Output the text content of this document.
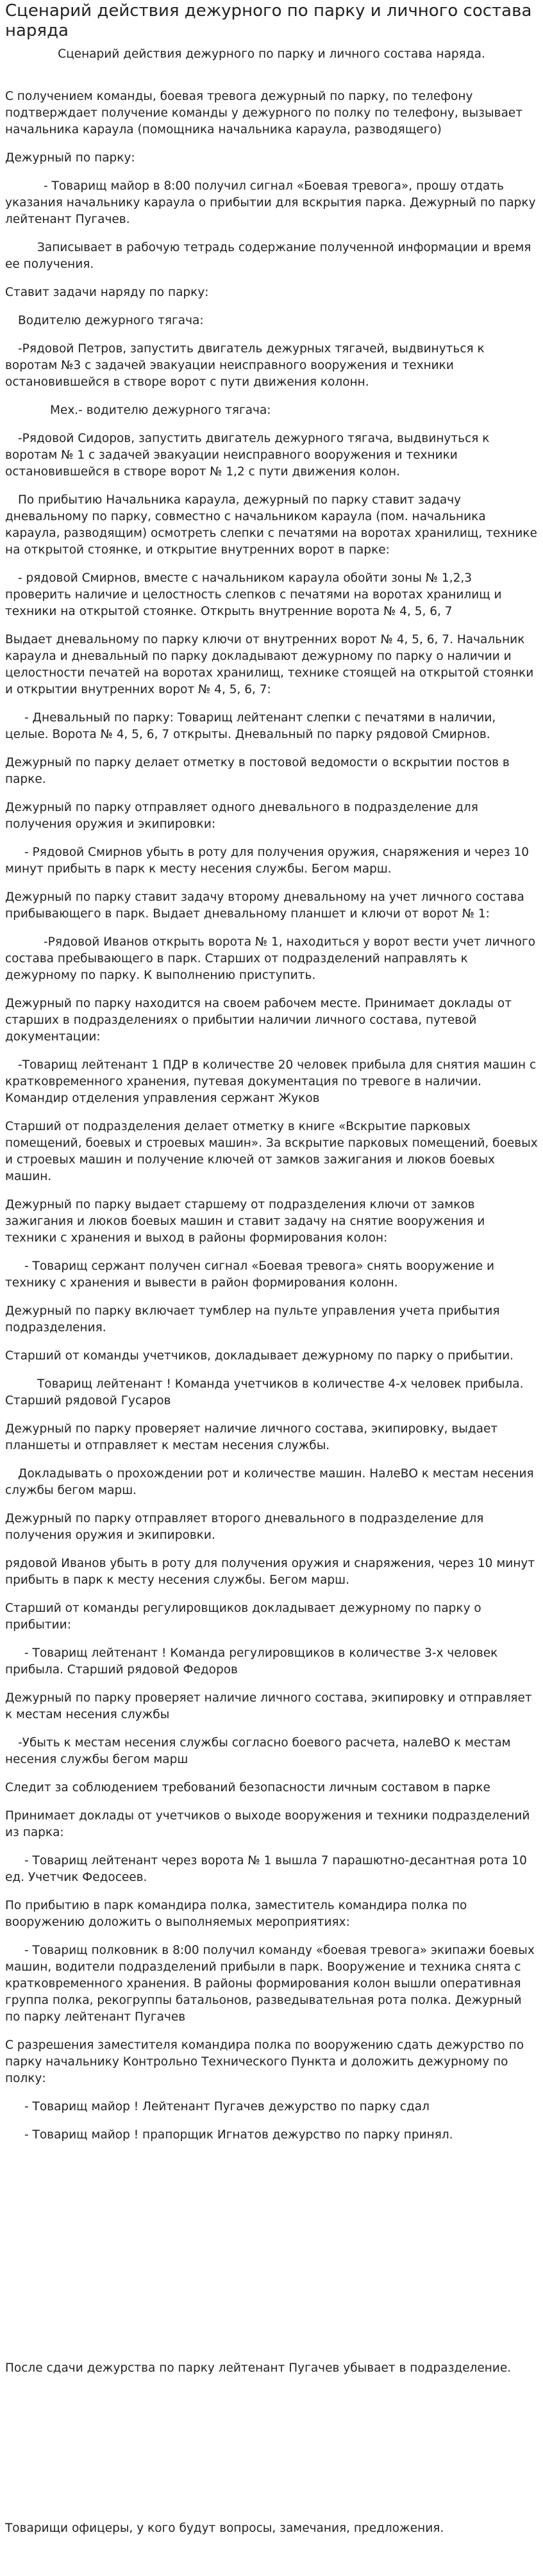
Сценарий действия дежурного по парку и личного состава наряда
Сценарий действия дежурного по парку и личного состава наряда.
С получением команды, боевая тревога дежурный по парку, по телефону подтверждает получение команды у дежурного по полку по телефону, вызывает начальника караула (помощника начальника караула, разводящего)
Дежурный по парку:
- Товарищ майор в 8:00 получил сигнал «Боевая тревога», прошу отдать указания начальнику караула о прибытии для вскрытия парка. Дежурный по парку лейтенант Пугачев.
Записывает в рабочую тетрадь содержание полученной информации и время ее получения.
Ставит задачи наряду по парку:
Водителю дежурного тягача:
-Рядовой Петров, запустить двигатель дежурных тягачей, выдвинуться к воротам №3 с задачей эвакуации неисправного вооружения и техники остановившейся в створе ворот с пути движения колонн.
Мех.- водителю дежурного тягача:
-Рядовой Сидоров, запустить двигатель дежурного тягача, выдвинуться к воротам № 1 с задачей эвакуации неисправного вооружения и техники остановившейся в створе ворот № 1,2 с пути движения колон.
По прибытию Начальника караула, дежурный по парку ставит задачу дневальному по парку, совместно с начальником караула (пом. начальника караула, разводящим) осмотреть слепки с печатями на воротах хранилищ, технике на открытой стоянке, и открытие внутренних ворот в парке:
- рядовой Смирнов, вместе с начальником караула обойти зоны № 1,2,3 проверить наличие и целостность слепков с печатями на воротах хранилищ и техники на открытой стоянке. Открыть внутренние ворота № 4, 5, 6, 7
Выдает дневальному по парку ключи от внутренних ворот № 4, 5, 6, 7. Начальник караула и дневальный по парку докладывают дежурному по парку о наличии и целостности печатей на воротах хранилищ, технике стоящей на открытой стоянки и открытии внутренних ворот № 4, 5, 6, 7:
- Дневальный по парку: Товарищ лейтенант слепки с печатями в наличии, целые. Ворота № 4, 5, 6, 7 открыты. Дневальный по парку рядовой Смирнов.
Дежурный по парку делает отметку в постовой ведомости о вскрытии постов в парке.
Дежурный по парку отправляет одного дневального в подразделение для получения оружия и экипировки:
- Рядовой Смирнов убыть в роту для получения оружия, снаряжения и через 10 минут прибыть в парк к месту несения службы. Бегом марш.
Дежурный по парку ставит задачу второму дневальному на учет личного состава прибывающего в парк. Выдает дневальному планшет и ключи от ворот № 1:
-Рядовой Иванов открыть ворота № 1, находиться у ворот вести учет личного состава пребывающего в парк. Старших от подразделений направлять к дежурному по парку. К выполнению приступить.
Дежурный по парку находится на своем рабочем месте. Принимает доклады от старших в подразделениях о прибытии наличии личного состава, путевой документации:
-Товарищ лейтенант 1 ПДР в количестве 20 человек прибыла для снятия машин с кратковременного хранения, путевая документация по тревоге в наличии. Командир отделения управления сержант Жуков
Старший от подразделения делает отметку в книге «Вскрытие парковых помещений, боевых и строевых машин». За вскрытие парковых помещений, боевых и строевых машин и получение ключей от замков зажигания и люков боевых машин.
Дежурный по парку выдает старшему от подразделения ключи от замков зажигания и люков боевых машин и ставит задачу на снятие вооружения и техники с хранения и выход в районы формирования колон:
- Товарищ сержант получен сигнал «Боевая тревога» снять вооружение и технику с хранения и вывести в район формирования колонн.
Дежурный по парку включает тумблер на пульте управления учета прибытия подразделения.
Старший от команды учетчиков, докладывает дежурному по парку о прибытии.
Товарищ лейтенант ! Команда учетчиков в количестве 4-х человек прибыла. Старший рядовой Гусаров
Дежурный по парку проверяет наличие личного состава, экипировку, выдает планшеты и отправляет к местам несения службы.
Докладывать о прохождении рот и количестве машин. НалеВО к местам несения службы бегом марш.
Дежурный по парку отправляет второго дневального в подразделение для получения оружия и экипировки.
рядовой Иванов убыть в роту для получения оружия и снаряжения, через 10 минут прибыть в парк к месту несения службы. Бегом марш.
Старший от команды регулировщиков докладывает дежурному по парку о прибытии:
- Товарищ лейтенант ! Команда регулировщиков в количестве 3-х человек прибыла. Старший рядовой Федоров
Дежурный по парку проверяет наличие личного состава, экипировку и отправляет к местам несения службы
-Убыть к местам несения службы согласно боевого расчета, налеВО к местам несения службы бегом марш
Следит за соблюдением требований безопасности личным составом в парке
Принимает доклады от учетчиков о выходе вооружения и техники подразделений из парка:
- Товарищ лейтенант через ворота № 1 вышла 7 парашютно-десантная рота 10 ед. Учетчик Федосеев.
По прибытию в парк командира полка, заместитель командира полка по вооружению доложить о выполняемых мероприятиях:
- Товарищ полковник в 8:00 получил команду «боевая тревога» экипажи боевых машин, водители подразделений прибыли в парк. Вооружение и техника снята с кратковременного хранения. В районы формирования колон вышли оперативная группа полка, рекогруппы батальонов, разведывательная рота полка. Дежурный по парку лейтенант Пугачев
С разрешения заместителя командира полка по вооружению сдать дежурство по парку начальнику Контрольно Технического Пункта и доложить дежурному по полку:
- Товарищ майор ! Лейтенант Пугачев дежурство по парку сдал
- Товарищ майор ! прапорщик Игнатов дежурство по парку принял.
После сдачи дежурства по парку лейтенант Пугачев убывает в подразделение.
Товарищи офицеры, у кого будут вопросы, замечания, предложения.
